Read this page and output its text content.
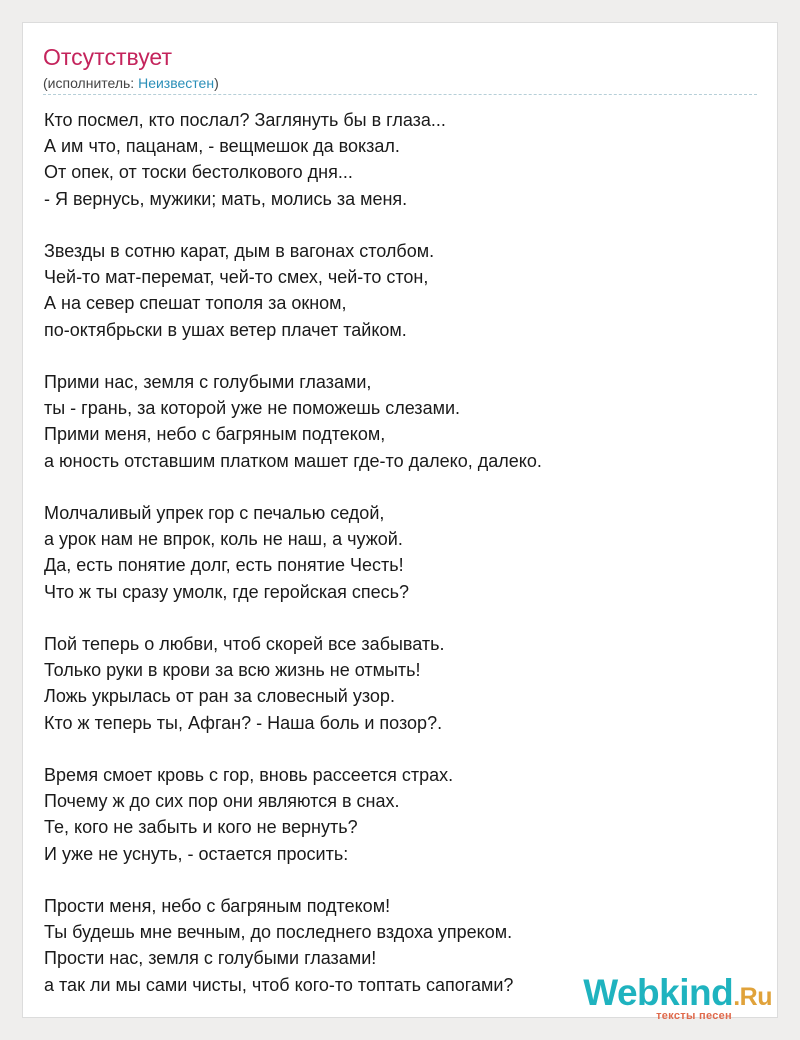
Отсутствует
(исполнитель: Неизвестен)
Кто посмел, кто послал? Заглянуть бы в глаза...
А им что, пацанам, - вещмешок да вокзал.
От опек, от тоски бестолкового дня...
- Я вернусь, мужики; мать, молись за меня.
Звезды в сотню карат, дым в вагонах столбом.
Чей-то мат-перемат, чей-то смех, чей-то стон,
А на север спешат тополя за окном,
по-октябрьски в ушах ветер плачет тайком.
Прими нас, земля с голубыми глазами,
ты - грань, за которой уже не поможешь слезами.
Прими меня, небо с багряным подтеком,
а юность отставшим платком машет где-то далеко, далеко.
Молчаливый упрек гор с печалью седой,
а урок нам не впрок, коль не наш, а чужой.
Да, есть понятие долг, есть понятие Честь!
Что ж ты сразу умолк, где геройская спесь?
Пой теперь о любви, чтоб скорей все забывать.
Только руки в крови за всю жизнь не отмыть!
Ложь укрылась от ран за словесный узор.
Кто ж теперь ты, Афган? - Наша боль и позор?.
Время смоет кровь с гор, вновь рассеется страх.
Почему ж до сих пор они являются в снах.
Те, кого не забыть и кого не вернуть?
И уже не уснуть, - остается просить:
Прости меня, небо с багряным подтеком!
Ты будешь мне вечным, до последнего вздоха упреком.
Прости нас, земля с голубыми глазами!
а так ли мы сами чисты, чтоб кого-то топтать сапогами?	Webkind.Ru
тексты песен
